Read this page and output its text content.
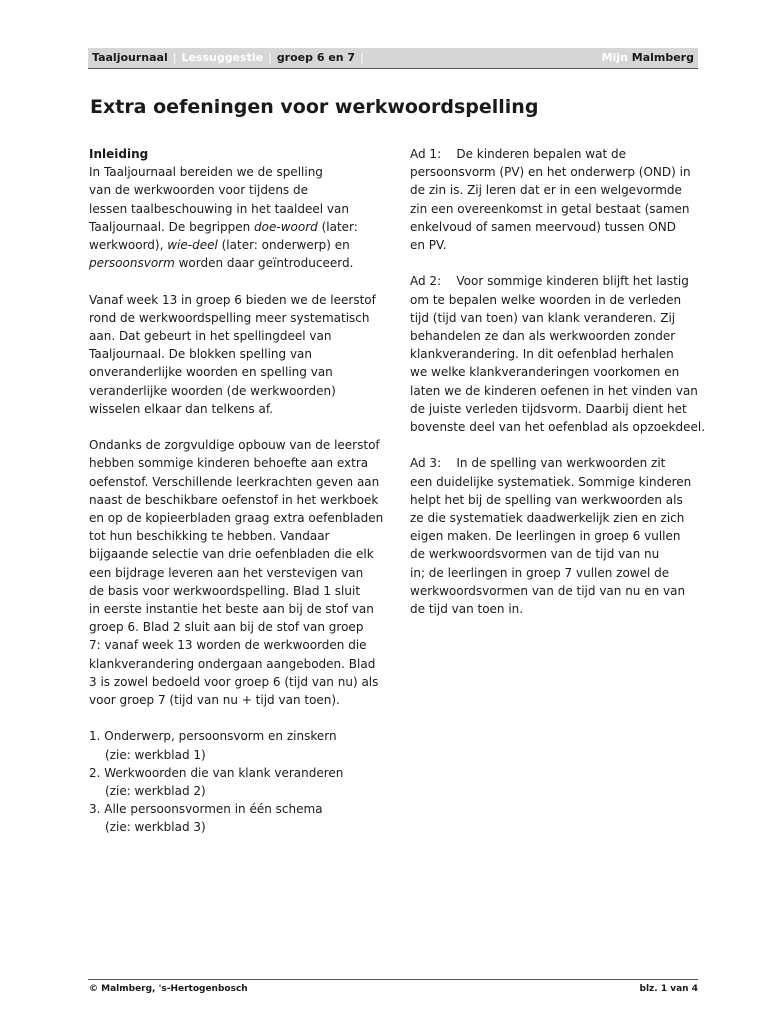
Taaljournaal | Lessuggestie | groep 6 en 7 |	Mijn Malmberg
Extra oefeningen voor werkwoordspelling
Inleiding
In Taaljournaal bereiden we de spelling
van de werkwoorden voor tijdens de
lessen taalbeschouwing in het taaldeel van
Taaljournaal. De begrippen doe-woord (later:
werkwoord), wie-deel (later: onderwerp) en
persoonsvorm worden daar geïntroduceerd.
Vanaf week 13 in groep 6 bieden we de leerstof
rond de werkwoordspelling meer systematisch
aan. Dat gebeurt in het spellingdeel van
Taaljournaal. De blokken spelling van
onveranderlijke woorden en spelling van
veranderlijke woorden (de werkwoorden)
wisselen elkaar dan telkens af.
Ondanks de zorgvuldige opbouw van de leerstof
hebben sommige kinderen behoefte aan extra
oefenstof. Verschillende leerkrachten geven aan
naast de beschikbare oefenstof in het werkboek
en op de kopieerbladen graag extra oefenbladen
tot hun beschikking te hebben. Vandaar
bijgaande selectie van drie oefenbladen die elk
een bijdrage leveren aan het verstevigen van
de basis voor werkwoordspelling. Blad 1 sluit
in eerste instantie het beste aan bij de stof van
groep 6. Blad 2 sluit aan bij de stof van groep
7: vanaf week 13 worden de werkwoorden die
klankverandering ondergaan aangeboden. Blad
3 is zowel bedoeld voor groep 6 (tijd van nu) als
voor groep 7 (tijd van nu + tijd van toen).
1. Onderwerp, persoonsvorm en zinskern
(zie: werkblad 1)
2. Werkwoorden die van klank veranderen
(zie: werkblad 2)
3. Alle persoonsvormen in één schema
(zie: werkblad 3)
Ad 1:    De kinderen bepalen wat de
persoonsvorm (PV) en het onderwerp (OND) in
de zin is. Zij leren dat er in een welgevormde
zin een overeenkomst in getal bestaat (samen
enkelvoud of samen meervoud) tussen OND
en PV.
Ad 2:    Voor sommige kinderen blijft het lastig
om te bepalen welke woorden in de verleden
tijd (tijd van toen) van klank veranderen. Zij
behandelen ze dan als werkwoorden zonder
klankverandering. In dit oefenblad herhalen
we welke klankveranderingen voorkomen en
laten we de kinderen oefenen in het vinden van
de juiste verleden tijdsvorm. Daarbij dient het
bovenste deel van het oefenblad als opzoekdeel.
Ad 3:    In de spelling van werkwoorden zit
een duidelijke systematiek. Sommige kinderen
helpt het bij de spelling van werkwoorden als
ze die systematiek daadwerkelijk zien en zich
eigen maken. De leerlingen in groep 6 vullen
de werkwoordsvormen van de tijd van nu
in; de leerlingen in groep 7 vullen zowel de
werkwoordsvormen van de tijd van nu en van
de tijd van toen in.
© Malmberg, 's-Hertogenbosch	blz. 1 van 4
